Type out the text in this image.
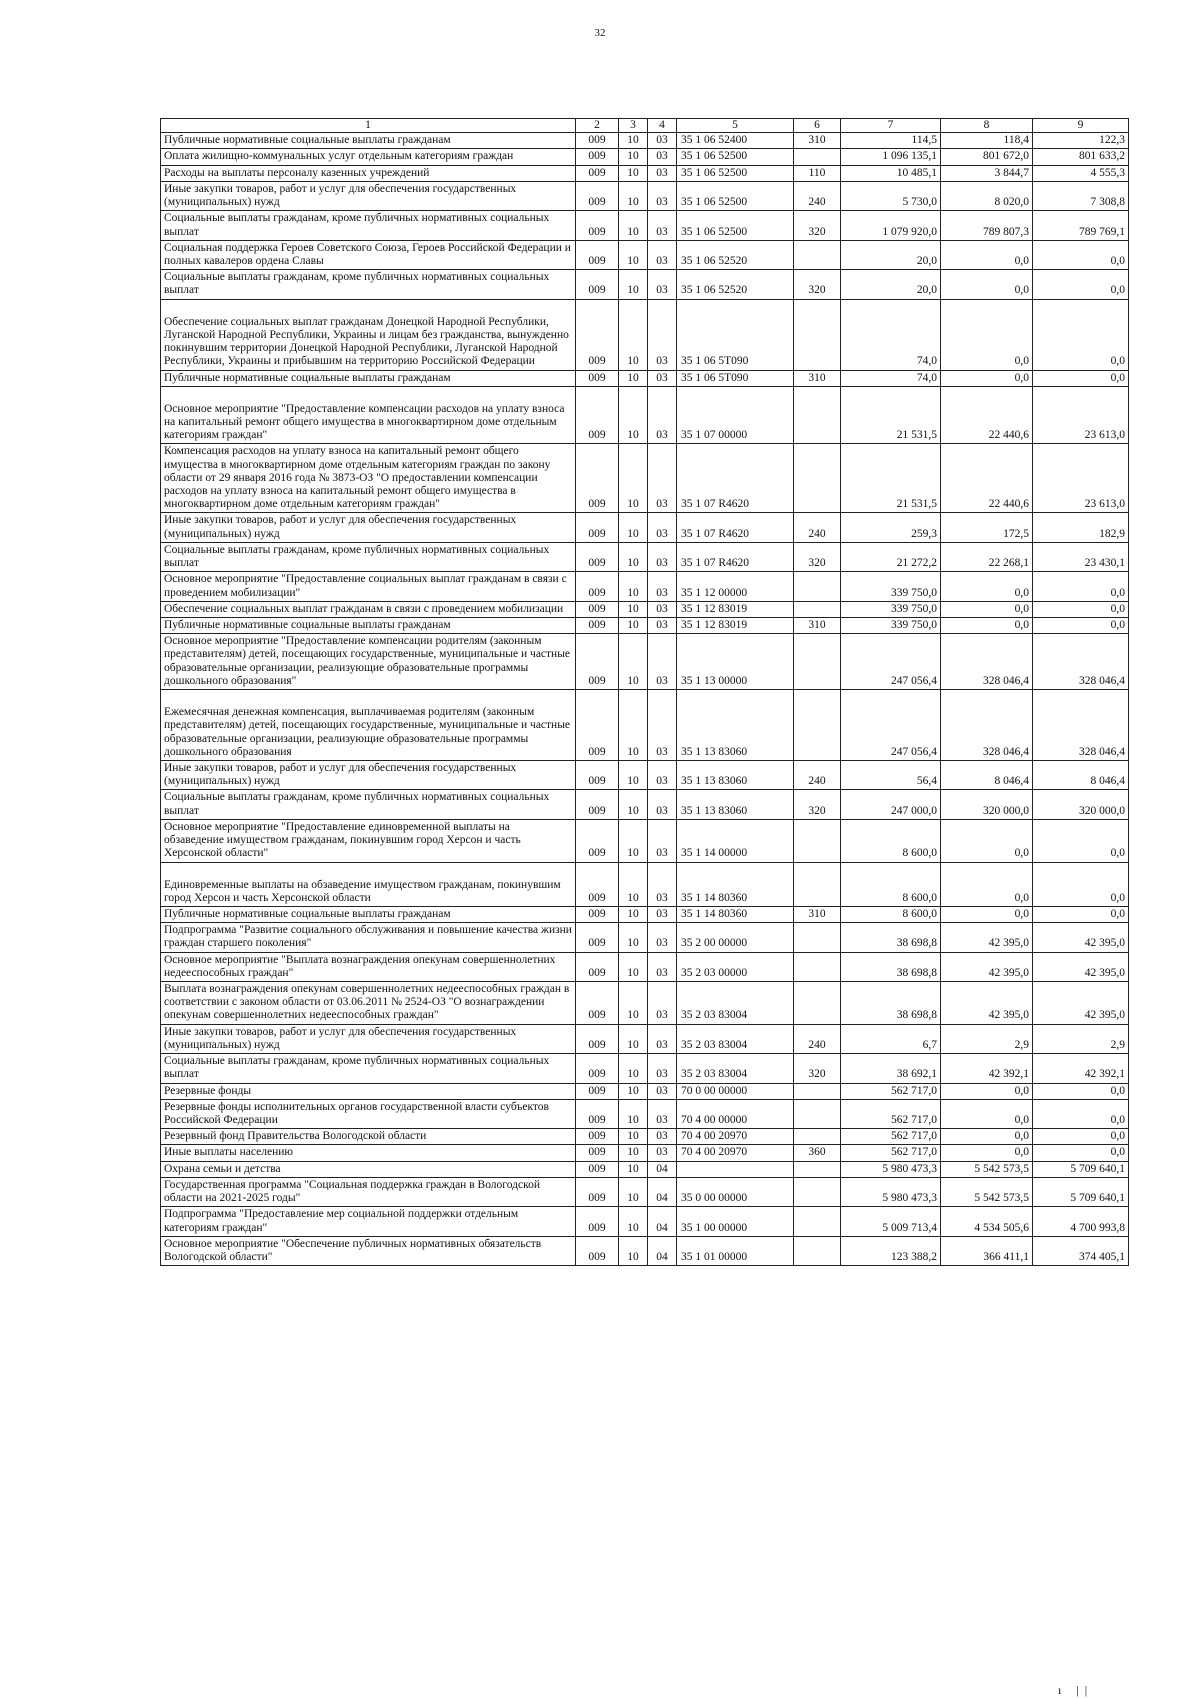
32
1	2	3	4	5	6	7	8	9
Публичные нормативные социальные выплаты гражданам	009	10	03	35 1 06 52400	310	114,5	118,4	122,3
Оплата жилищно-коммунальных услуг отдельным категориям граждан	009	10	03	35 1 06 52500		1 096 135,1	801 672,0	801 633,2
Расходы на выплаты персоналу казенных учреждений	009	10	03	35 1 06 52500	110	10 485,1	3 844,7	4 555,3
Иные закупки товаров, работ и услуг для обеспечения государственных (муниципальных) нужд	009	10	03	35 1 06 52500	240	5 730,0	8 020,0	7 308,8
Социальные выплаты гражданам, кроме публичных нормативных социальных выплат	009	10	03	35 1 06 52500	320	1 079 920,0	789 807,3	789 769,1
Социальная поддержка Героев Советского Союза, Героев Российской Федерации и полных кавалеров ордена Славы	009	10	03	35 1 06 52520		20,0	0,0	0,0
Социальные выплаты гражданам, кроме публичных нормативных социальных выплат	009	10	03	35 1 06 52520	320	20,0	0,0	0,0
Обеспечение социальных выплат гражданам Донецкой Народной Республики, Луганской Народной Республики, Украины и лицам без гражданства, вынужденно покинувшим территории Донецкой Народной Республики, Луганской Народной Республики, Украины и прибывшим на территорию Российской Федерации	009	10	03	35 1 06 5Т090		74,0	0,0	0,0
Публичные нормативные социальные выплаты гражданам	009	10	03	35 1 06 5Т090	310	74,0	0,0	0,0
Основное мероприятие "Предоставление компенсации расходов на уплату взноса на капитальный ремонт общего имущества в многоквартирном доме отдельным категориям граждан"	009	10	03	35 1 07 00000		21 531,5	22 440,6	23 613,0
Компенсация расходов на уплату взноса на капитальный ремонт общего имущества в многоквартирном доме отдельным категориям граждан по закону области от 29 января 2016 года № 3873-ОЗ "О предоставлении компенсации расходов на уплату взноса на капитальный ремонт общего имущества в многоквартирном доме отдельным категориям граждан"	009	10	03	35 1 07 R4620		21 531,5	22 440,6	23 613,0
Иные закупки товаров, работ и услуг для обеспечения государственных (муниципальных) нужд	009	10	03	35 1 07 R4620	240	259,3	172,5	182,9
Социальные выплаты гражданам, кроме публичных нормативных социальных выплат	009	10	03	35 1 07 R4620	320	21 272,2	22 268,1	23 430,1
Основное мероприятие "Предоставление социальных выплат гражданам в связи с проведением мобилизации"	009	10	03	35 1 12 00000		339 750,0	0,0	0,0
Обеспечение социальных выплат гражданам в связи с проведением мобилизации	009	10	03	35 1 12 83019		339 750,0	0,0	0,0
Публичные нормативные социальные выплаты гражданам	009	10	03	35 1 12 83019	310	339 750,0	0,0	0,0
Основное мероприятие "Предоставление компенсации родителям (законным представителям) детей, посещающих государственные, муниципальные и частные образовательные организации, реализующие образовательные программы дошкольного образования"	009	10	03	35 1 13 00000		247 056,4	328 046,4	328 046,4
Ежемесячная денежная компенсация, выплачиваемая родителям (законным представителям) детей, посещающих государственные, муниципальные и частные образовательные организации, реализующие образовательные программы дошкольного образования	009	10	03	35 1 13 83060		247 056,4	328 046,4	328 046,4
Иные закупки товаров, работ и услуг для обеспечения государственных (муниципальных) нужд	009	10	03	35 1 13 83060	240	56,4	8 046,4	8 046,4
Социальные выплаты гражданам, кроме публичных нормативных социальных выплат	009	10	03	35 1 13 83060	320	247 000,0	320 000,0	320 000,0
Основное мероприятие "Предоставление единовременной выплаты на обзаведение имуществом гражданам, покинувшим город Херсон и часть Херсонской области"	009	10	03	35 1 14 00000		8 600,0	0,0	0,0
Единовременные выплаты на обзаведение имуществом гражданам, покинувшим город Херсон и часть Херсонской области	009	10	03	35 1 14 80360		8 600,0	0,0	0,0
Публичные нормативные социальные выплаты гражданам	009	10	03	35 1 14 80360	310	8 600,0	0,0	0,0
Подпрограмма "Развитие социального обслуживания и повышение качества жизни граждан старшего поколения"	009	10	03	35 2 00 00000		38 698,8	42 395,0	42 395,0
Основное мероприятие "Выплата вознаграждения опекунам совершеннолетних недееспособных граждан"	009	10	03	35 2 03 00000		38 698,8	42 395,0	42 395,0
Выплата вознаграждения опекунам совершеннолетних недееспособных граждан в соответствии с законом области от 03.06.2011 № 2524-ОЗ "О вознаграждении опекунам совершеннолетних недееспособных граждан"	009	10	03	35 2 03 83004		38 698,8	42 395,0	42 395,0
Иные закупки товаров, работ и услуг для обеспечения государственных (муниципальных) нужд	009	10	03	35 2 03 83004	240	6,7	2,9	2,9
Социальные выплаты гражданам, кроме публичных нормативных социальных выплат	009	10	03	35 2 03 83004	320	38 692,1	42 392,1	42 392,1
Резервные фонды	009	10	03	70 0 00 00000		562 717,0	0,0	0,0
Резервные фонды исполнительных органов государственной власти субъектов Российской Федерации	009	10	03	70 4 00 00000		562 717,0	0,0	0,0
Резервный фонд Правительства Вологодской области	009	10	03	70 4 00 20970		562 717,0	0,0	0,0
Иные выплаты населению	009	10	03	70 4 00 20970	360	562 717,0	0,0	0,0
Охрана семьи и детства	009	10	04			5 980 473,3	5 542 573,5	5 709 640,1
Государственная программа "Социальная поддержка граждан в Вологодской области на 2021-2025 годы"	009	10	04	35 0 00 00000		5 980 473,3	5 542 573,5	5 709 640,1
Подпрограмма "Предоставление мер социальной поддержки отдельным категориям граждан"	009	10	04	35 1 00 00000		5 009 713,4	4 534 505,6	4 700 993,8
Основное мероприятие "Обеспечение публичных нормативных обязательств Вологодской области"	009	10	04	35 1 01 00000		123 388,2	366 411,1	374 405,1
ı ||
